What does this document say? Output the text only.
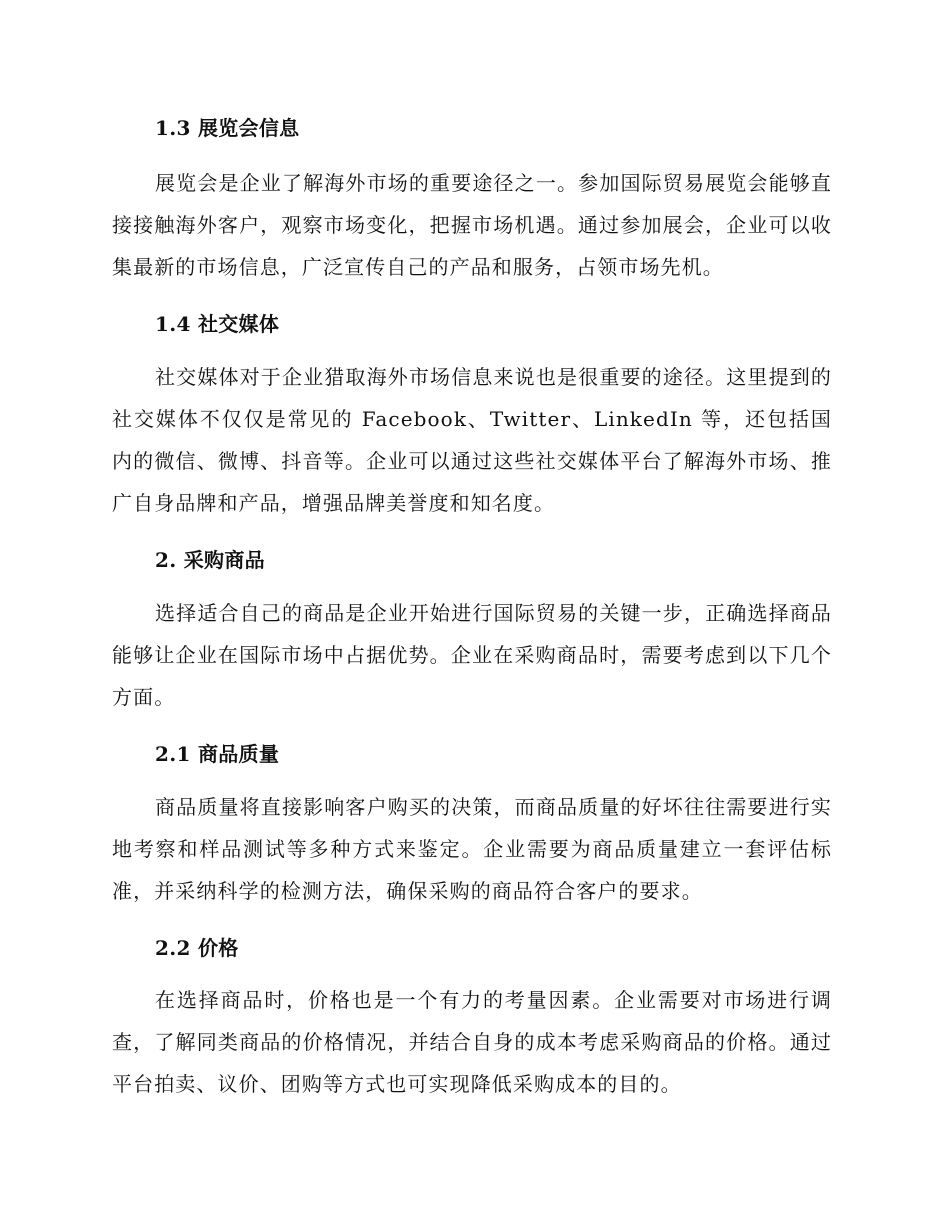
1.3 展览会信息
展览会是企业了解海外市场的重要途径之一。参加国际贸易展览会能够直接接触海外客户，观察市场变化，把握市场机遇。通过参加展会，企业可以收集最新的市场信息，广泛宣传自己的产品和服务，占领市场先机。
1.4 社交媒体
社交媒体对于企业猎取海外市场信息来说也是很重要的途径。这里提到的社交媒体不仅仅是常见的 Facebook、Twitter、LinkedIn 等，还包括国内的微信、微博、抖音等。企业可以通过这些社交媒体平台了解海外市场、推广自身品牌和产品，增强品牌美誉度和知名度。
2. 采购商品
选择适合自己的商品是企业开始进行国际贸易的关键一步，正确选择商品能够让企业在国际市场中占据优势。企业在采购商品时，需要考虑到以下几个方面。
2.1 商品质量
商品质量将直接影响客户购买的决策，而商品质量的好坏往往需要进行实地考察和样品测试等多种方式来鉴定。企业需要为商品质量建立一套评估标准，并采纳科学的检测方法，确保采购的商品符合客户的要求。
2.2 价格
在选择商品时，价格也是一个有力的考量因素。企业需要对市场进行调查，了解同类商品的价格情况，并结合自身的成本考虑采购商品的价格。通过平台拍卖、议价、团购等方式也可实现降低采购成本的目的。
